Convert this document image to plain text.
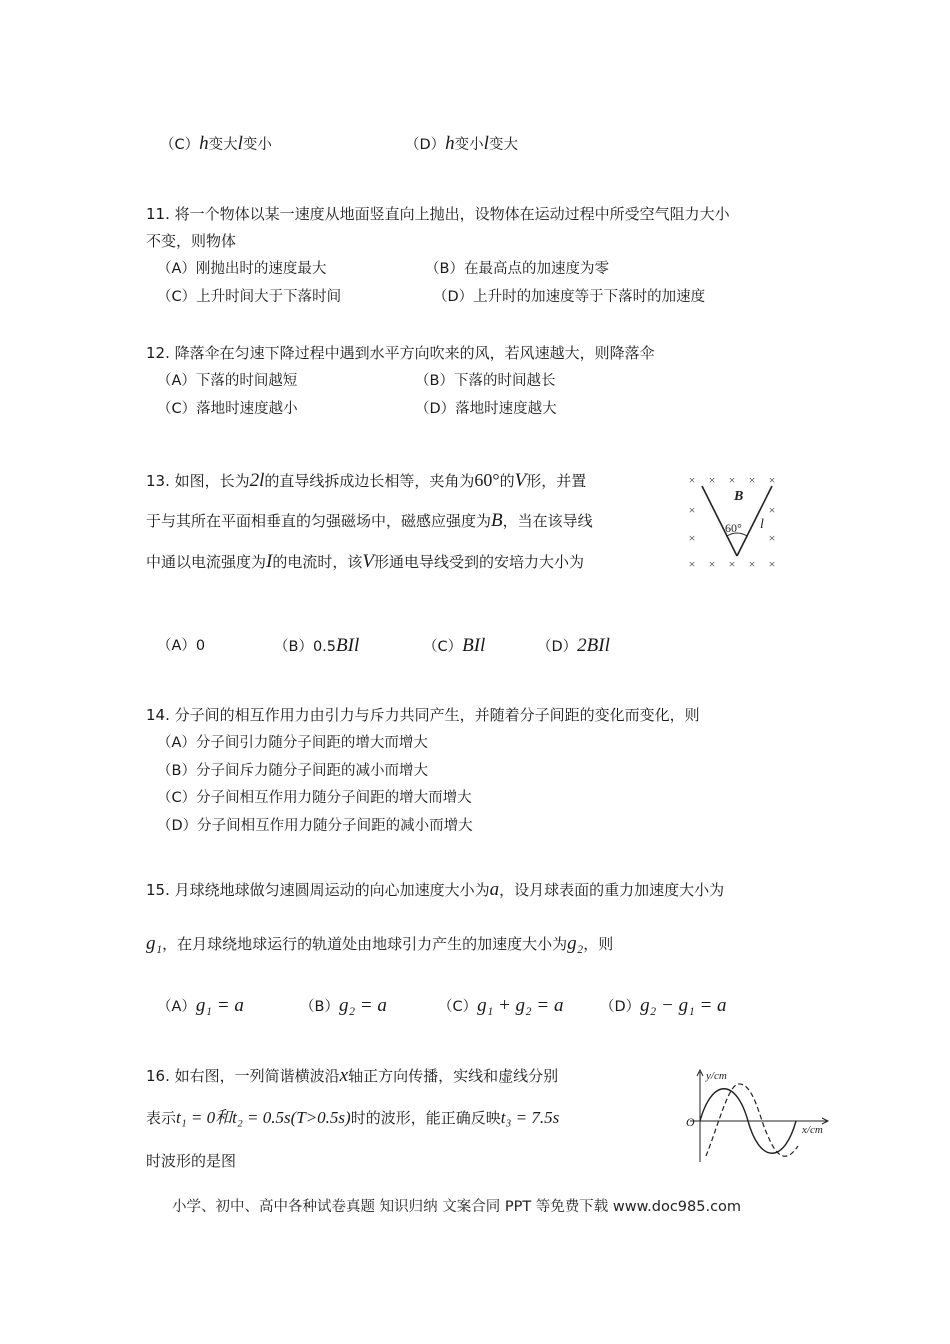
（C）h变大l变小	（D）h变小l变大
11. 将一个物体以某一速度从地面竖直向上抛出，设物体在运动过程中所受空气阻力大小
不变，则物体
（A）刚抛出时的速度最大	（B）在最高点的加速度为零
（C）上升时间大于下落时间	（D）上升时的加速度等于下落时的加速度
12. 降落伞在匀速下降过程中遇到水平方向吹来的风，若风速越大，则降落伞
（A）下落的时间越短	（B）下落的时间越长
（C）落地时速度越小	（D）落地时速度越大
13. 如图，长为2l的直导线拆成边长相等，夹角为60°的V形，并置
于与其所在平面相垂直的匀强磁场中，磁感应强度为B，当在该导线
中通以电流强度为I的电流时，该V形通电导线受到的安培力大小为
× × × × ×
×	×
×	×
× × × × ×
B
60° l
（A）0	（B）0.5BIl	（C）BIl	（D）2BIl
14. 分子间的相互作用力由引力与斥力共同产生，并随着分子间距的变化而变化，则
（A）分子间引力随分子间距的增大而增大
（B）分子间斥力随分子间距的减小而增大
（C）分子间相互作用力随分子间距的增大而增大
（D）分子间相互作用力随分子间距的减小而增大
15. 月球绕地球做匀速圆周运动的向心加速度大小为a，设月球表面的重力加速度大小为
g₁，在月球绕地球运行的轨道处由地球引力产生的加速度大小为g₂，则
（A）g₁ = a	（B）g₂ = a	（C）g₁ + g₂ = a	（D）g₂ − g₁ = a
16. 如右图，一列简谐横波沿x轴正方向传播，实线和虚线分别
表示t₁ = 0和t₂ = 0.5s(T>0.5s)时的波形，能正确反映t₃ = 7.5s
时波形的是图
y/cm
x/cm
O
小学、初中、高中各种试卷真题 知识归纳 文案合同 PPT 等免费下载 www.doc985.com
